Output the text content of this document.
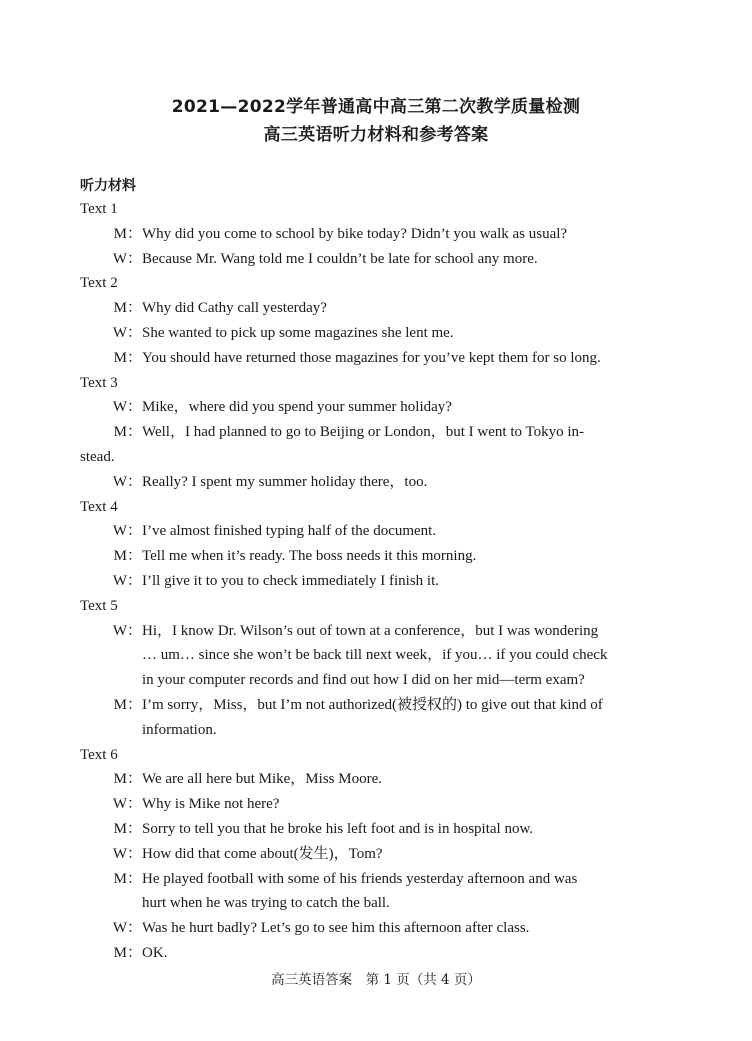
2021—2022学年普通高中高三第二次教学质量检测
高三英语听力材料和参考答案
听力材料
Text 1
M： Why did you come to school by bike today? Didn’t you walk as usual?
W： Because Mr. Wang told me I couldn’t be late for school any more.
Text 2
M： Why did Cathy call yesterday?
W： She wanted to pick up some magazines she lent me.
M： You should have returned those magazines for you’ve kept them for so long.
Text 3
W： Mike，where did you spend your summer holiday?
M： Well，I had planned to go to Beijing or London，but I went to Tokyo in-
stead.
W： Really? I spent my summer holiday there，too.
Text 4
W： I’ve almost finished typing half of the document.
M： Tell me when it’s ready. The boss needs it this morning.
W： I’ll give it to you to check immediately I finish it.
Text 5
W： Hi，I know Dr. Wilson’s out of town at a conference，but I was wondering
… um… since she won’t be back till next week，if you… if you could check
in your computer records and find out how I did on her mid—term exam?
M： I’m sorry，Miss，but I’m not authorized(被授权的) to give out that kind of
information.
Text 6
M： We are all here but Mike，Miss Moore.
W： Why is Mike not here?
M： Sorry to tell you that he broke his left foot and is in hospital now.
W： How did that come about(发生)，Tom?
M： He played football with some of his friends yesterday afternoon and was
hurt when he was trying to catch the ball.
W： Was he hurt badly? Let’s go to see him this afternoon after class.
M： OK.
高三英语答案　第 1 页（共 4 页）
